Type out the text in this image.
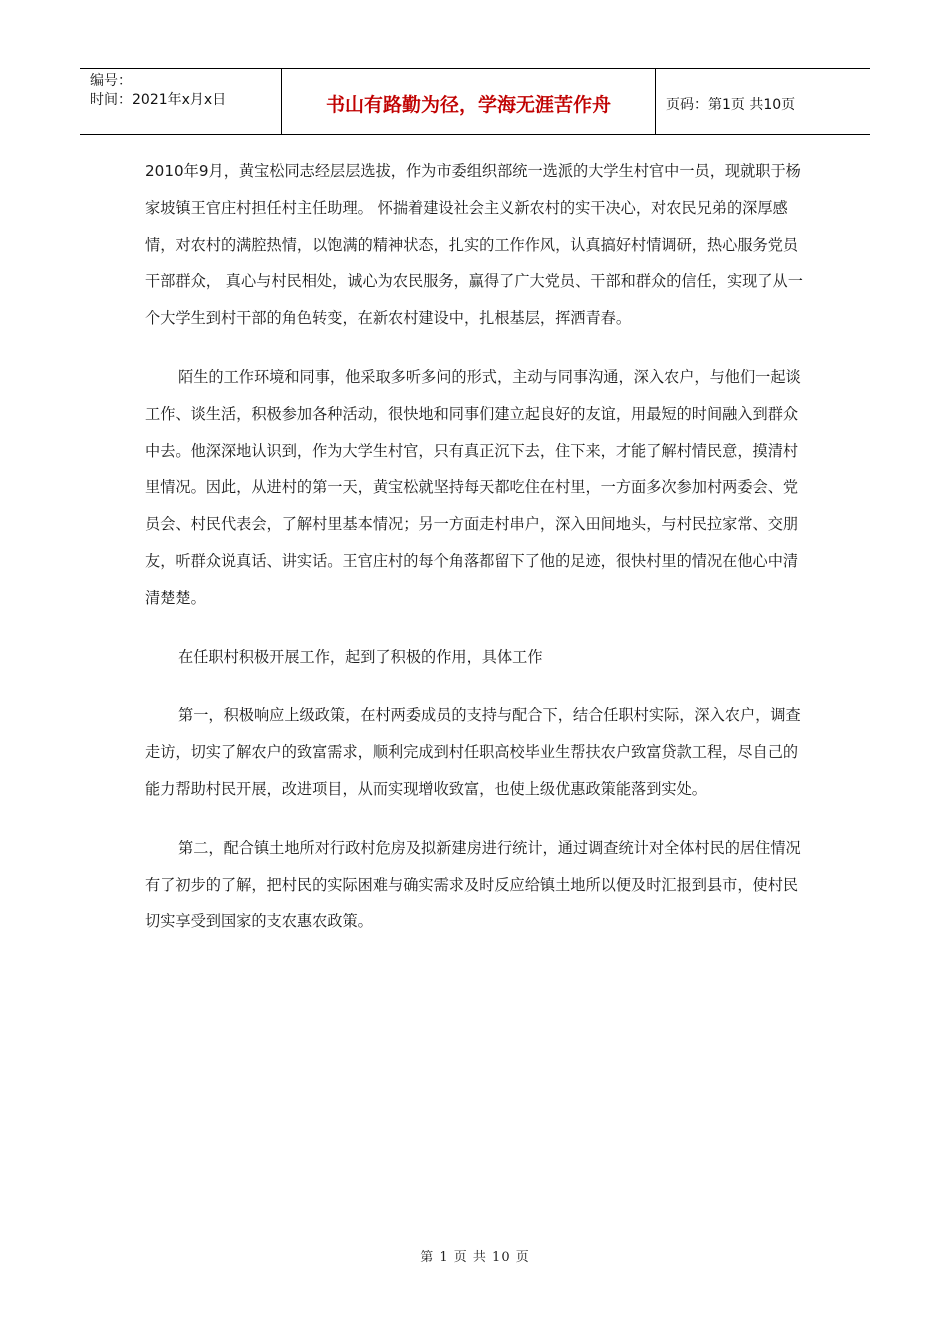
编号：
时间：2021年x月x日	书山有路勤为径，学海无涯苦作舟	页码：第1页 共10页

2010年9月，黄宝松同志经层层选拔，作为市委组织部统一选派的大学生村官中一员，现就职于杨家坡镇王官庄村担任村主任助理。 怀揣着建设社会主义新农村的实干决心，对农民兄弟的深厚感情，对农村的满腔热情，以饱满的精神状态，扎实的工作作风，认真搞好村情调研，热心服务党员干部群众， 真心与村民相处，诚心为农民服务，赢得了广大党员、干部和群众的信任，实现了从一个大学生到村干部的角色转变，在新农村建设中，扎根基层，挥洒青春。

陌生的工作环境和同事，他采取多听多问的形式，主动与同事沟通，深入农户，与他们一起谈工作、谈生活，积极参加各种活动，很快地和同事们建立起良好的友谊，用最短的时间融入到群众中去。他深深地认识到，作为大学生村官，只有真正沉下去，住下来，才能了解村情民意，摸清村里情况。因此，从进村的第一天，黄宝松就坚持每天都吃住在村里，一方面多次参加村两委会、党员会、村民代表会，了解村里基本情况；另一方面走村串户，深入田间地头，与村民拉家常、交朋友，听群众说真话、讲实话。王官庄村的每个角落都留下了他的足迹，很快村里的情况在他心中清清楚楚。

在任职村积极开展工作，起到了积极的作用，具体工作

第一，积极响应上级政策，在村两委成员的支持与配合下，结合任职村实际，深入农户，调查走访，切实了解农户的致富需求，顺利完成到村任职高校毕业生帮扶农户致富贷款工程，尽自己的能力帮助村民开展，改进项目，从而实现增收致富，也使上级优惠政策能落到实处。

第二，配合镇土地所对行政村危房及拟新建房进行统计，通过调查统计对全体村民的居住情况有了初步的了解，把村民的实际困难与确实需求及时反应给镇土地所以便及时汇报到县市，使村民切实享受到国家的支农惠农政策。

第 1 页 共 10 页
